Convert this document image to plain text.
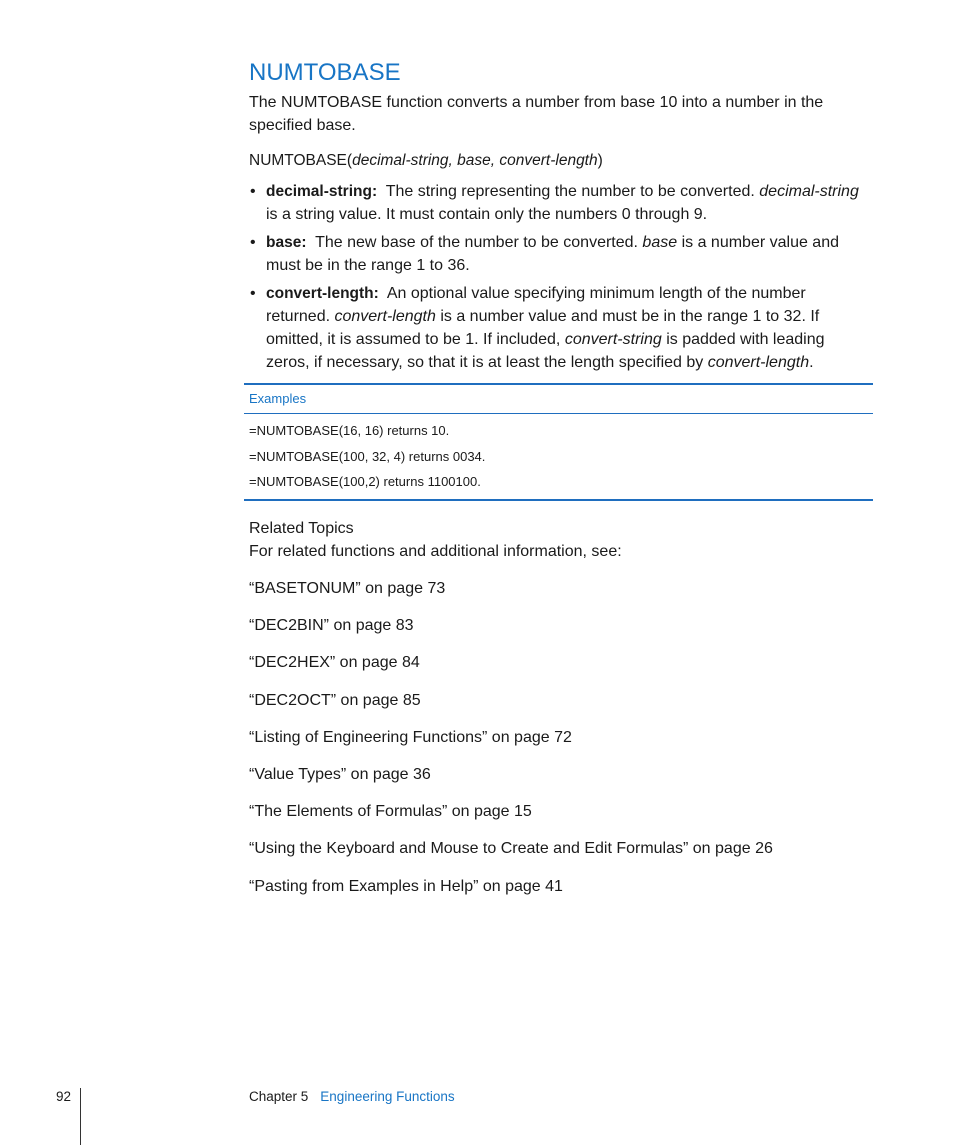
NUMTOBASE

The NUMTOBASE function converts a number from base 10 into a number in the specified base.

NUMTOBASE(decimal-string, base, convert-length)

• decimal-string: The string representing the number to be converted. decimal-string is a string value. It must contain only the numbers 0 through 9.
• base: The new base of the number to be converted. base is a number value and must be in the range 1 to 36.
• convert-length: An optional value specifying minimum length of the number returned. convert-length is a number value and must be in the range 1 to 32. If omitted, it is assumed to be 1. If included, convert-string is padded with leading zeros, if necessary, so that it is at least the length specified by convert-length.
Examples
=NUMTOBASE(16, 16) returns 10.
=NUMTOBASE(100, 32, 4) returns 0034.
=NUMTOBASE(100,2) returns 1100100.
Related Topics

For related functions and additional information, see:

“BASETONUM” on page 73
“DEC2BIN” on page 83
“DEC2HEX” on page 84
“DEC2OCT” on page 85
“Listing of Engineering Functions” on page 72
“Value Types” on page 36
“The Elements of Formulas” on page 15
“Using the Keyboard and Mouse to Create and Edit Formulas” on page 26
“Pasting from Examples in Help” on page 41
92	Chapter 5 Engineering Functions
